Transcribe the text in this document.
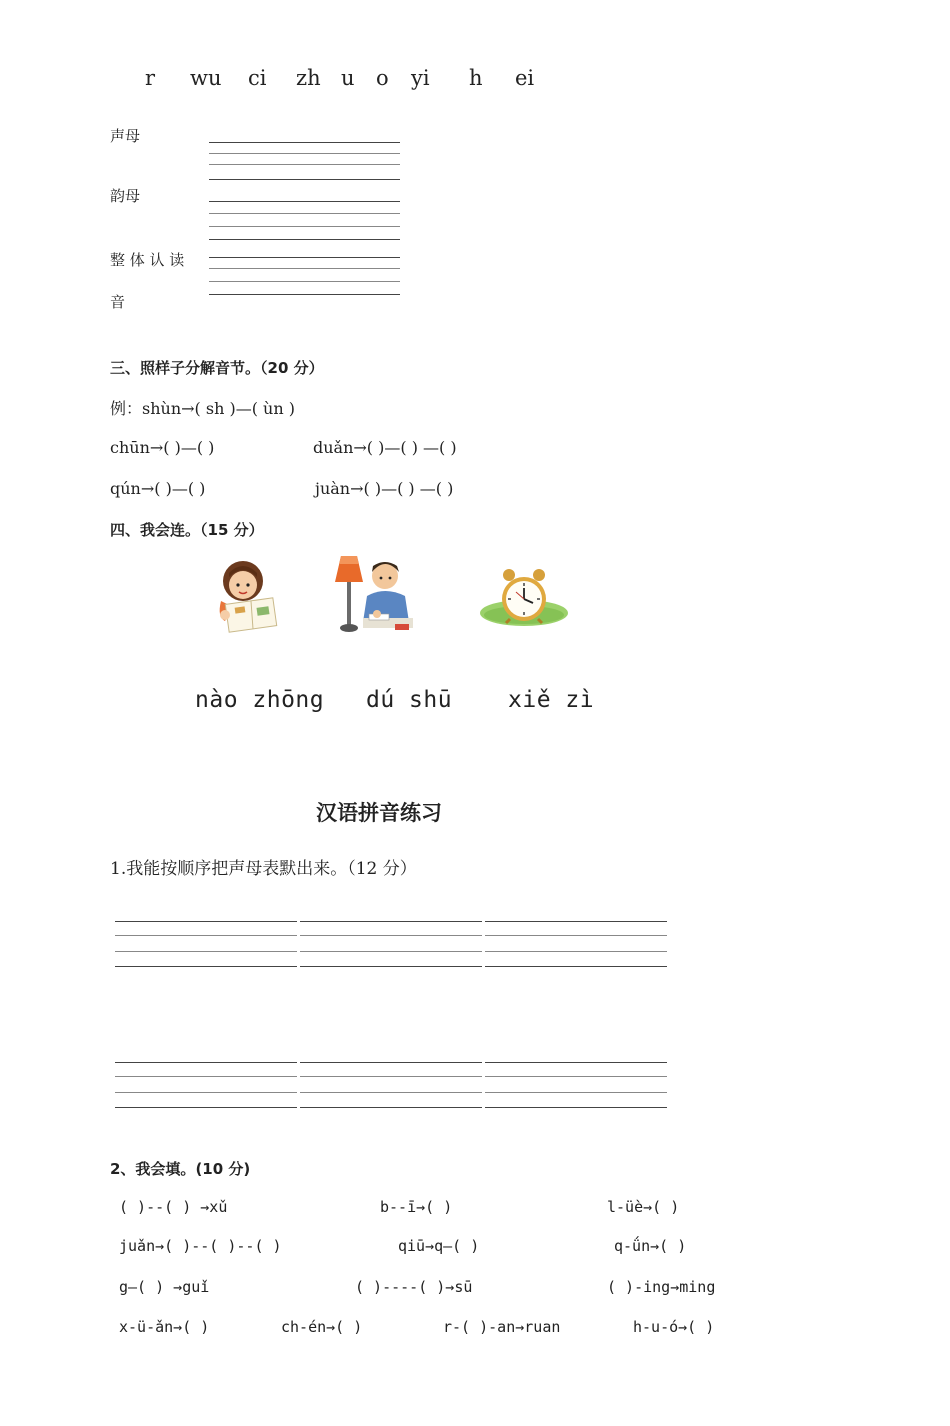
r wu ci zh u o yi h ei
声母
韵母
整 体 认 读
音
三、照样子分解音节。（20 分）
例：shùn→( sh )—( ùn )
chūn→( )—( )	duǎn→( )—( ) —( )
qún→( )—( )	juàn→( )—( ) —( )
四、我会连。（15 分）
nào zhōng dú shū xiě zì
汉语拼音练习
1.我能按顺序把声母表默出来。（12 分）
2、我会填。(10 分)
( )--( ) →xǔ	b--ī→( )	l-üè→( )
juǎn→( )--( )--( )	qiū→q—( )	q-ǘn→( )
g—( ) →guǐ	( )----( )→sū	( )-ing→ming
x-ü-ǎn→( )	ch-én→( )	r-( )-an→ruan	h-u-ó→( )
